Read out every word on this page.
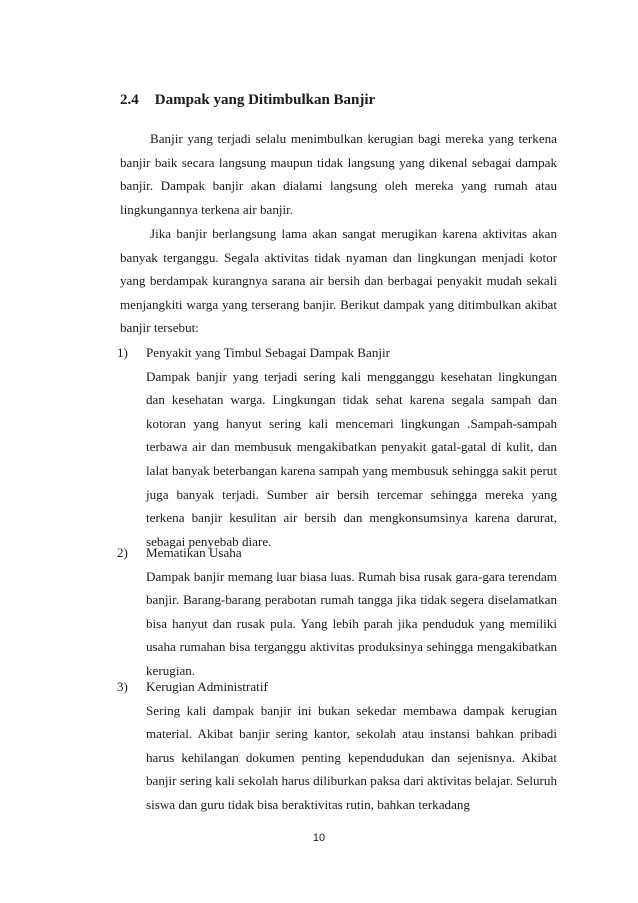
2.4 Dampak yang Ditimbulkan Banjir

Banjir yang terjadi selalu menimbulkan kerugian bagi mereka yang terkena banjir baik secara langsung maupun tidak langsung yang dikenal sebagai dampak banjir. Dampak banjir akan dialami langsung oleh mereka yang rumah atau lingkungannya terkena air banjir.

Jika banjir berlangsung lama akan sangat merugikan karena aktivitas akan banyak terganggu. Segala aktivitas tidak nyaman dan lingkungan menjadi kotor yang berdampak kurangnya sarana air bersih dan berbagai penyakit mudah sekali menjangkiti warga yang terserang banjir. Berikut dampak yang ditimbulkan akibat banjir tersebut:

1) Penyakit yang Timbul Sebagai Dampak Banjir

Dampak banjir yang terjadi sering kali mengganggu kesehatan lingkungan dan kesehatan warga. Lingkungan tidak sehat karena segala sampah dan kotoran yang hanyut sering kali mencemari lingkungan .Sampah-sampah terbawa air dan membusuk mengakibatkan penyakit gatal-gatal di kulit, dan lalat banyak beterbangan karena sampah yang membusuk sehingga sakit perut juga banyak terjadi. Sumber air bersih tercemar sehingga mereka yang terkena banjir kesulitan air bersih dan mengkonsumsinya karena darurat, sebagai penyebab diare.

2) Mematikan Usaha

Dampak banjir memang luar biasa luas. Rumah bisa rusak gara-gara terendam banjir. Barang-barang perabotan rumah tangga jika tidak segera diselamatkan bisa hanyut dan rusak pula. Yang lebih parah jika penduduk yang memiliki usaha rumahan bisa terganggu aktivitas produksinya sehingga mengakibatkan kerugian.

3) Kerugian Administratif

Sering kali dampak banjir ini bukan sekedar membawa dampak kerugian material. Akibat banjir sering kantor, sekolah atau instansi bahkan pribadi harus kehilangan dokumen penting kependudukan dan sejenisnya. Akibat banjir sering kali sekolah harus diliburkan paksa dari aktivitas belajar. Seluruh siswa dan guru tidak bisa beraktivitas rutin, bahkan terkadang

10
